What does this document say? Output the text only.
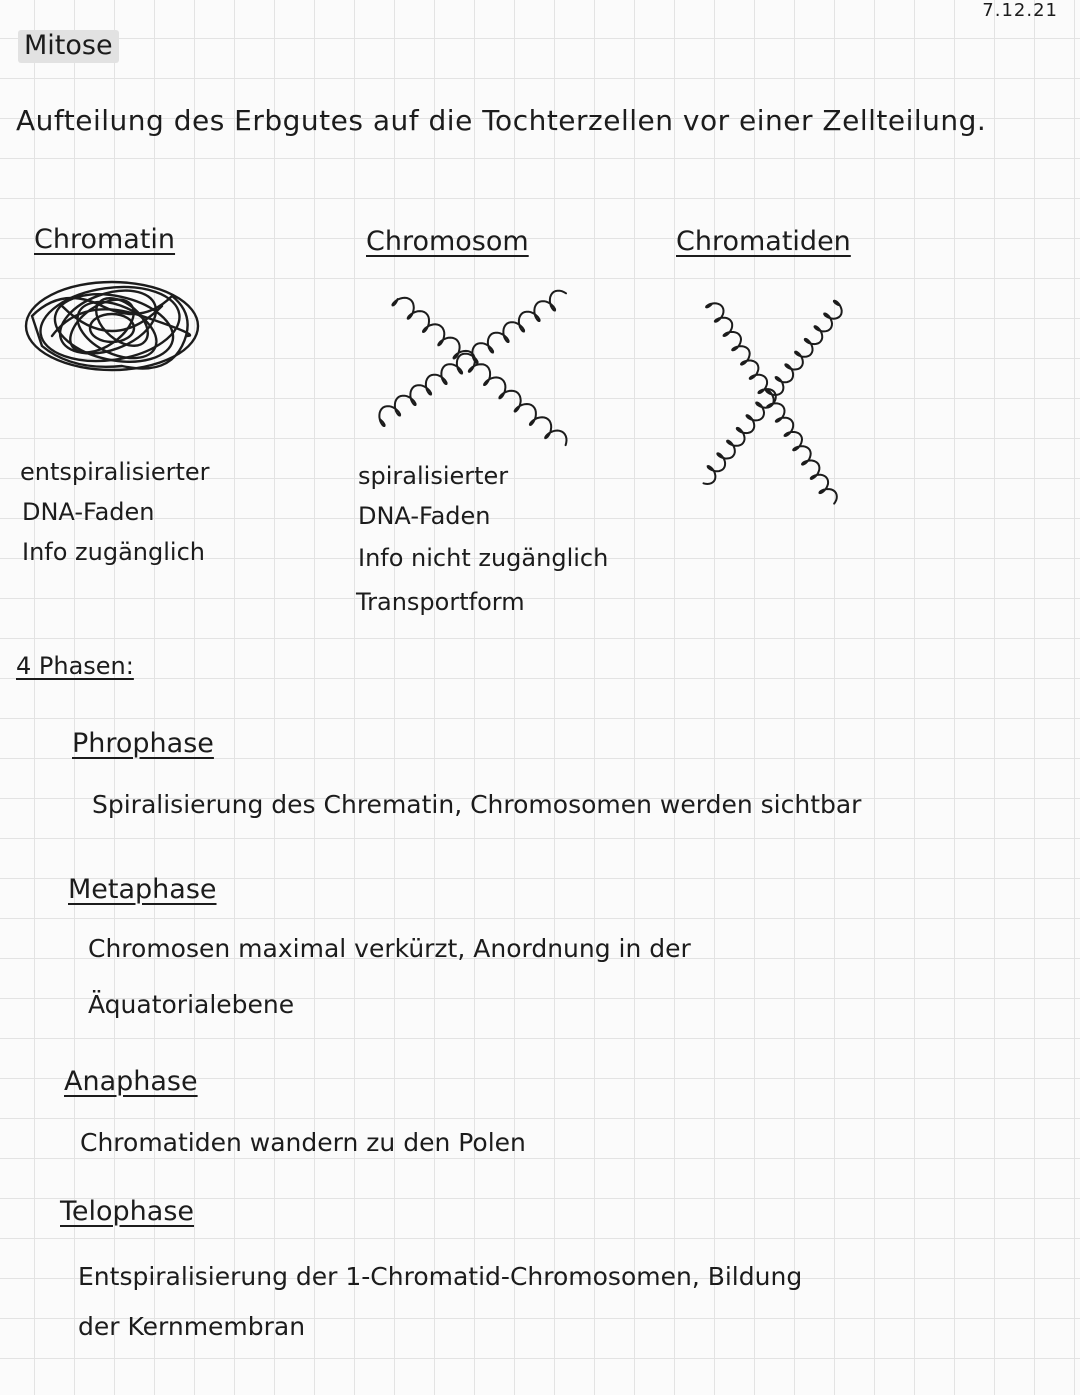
7.12.21
Mitose
Aufteilung des Erbgutes auf die Tochterzellen vor einer Zellteilung.
Chromatin	Chromosom	Chromatiden
entspiralisierter
DNA-Faden
Info zugänglich
spiralisierter
DNA-Faden
Info nicht zugänglich
Transportform
4 Phasen:
Phrophase
Spiralisierung des Chrematin, Chromosomen werden sichtbar
Metaphase
Chromosen maximal verkürzt, Anordnung in der
Äquatorialebene
Anaphase
Chromatiden wandern zu den Polen
Telophase
Entspiralisierung der 1-Chromatid-Chromosomen, Bildung
der Kernmembran
